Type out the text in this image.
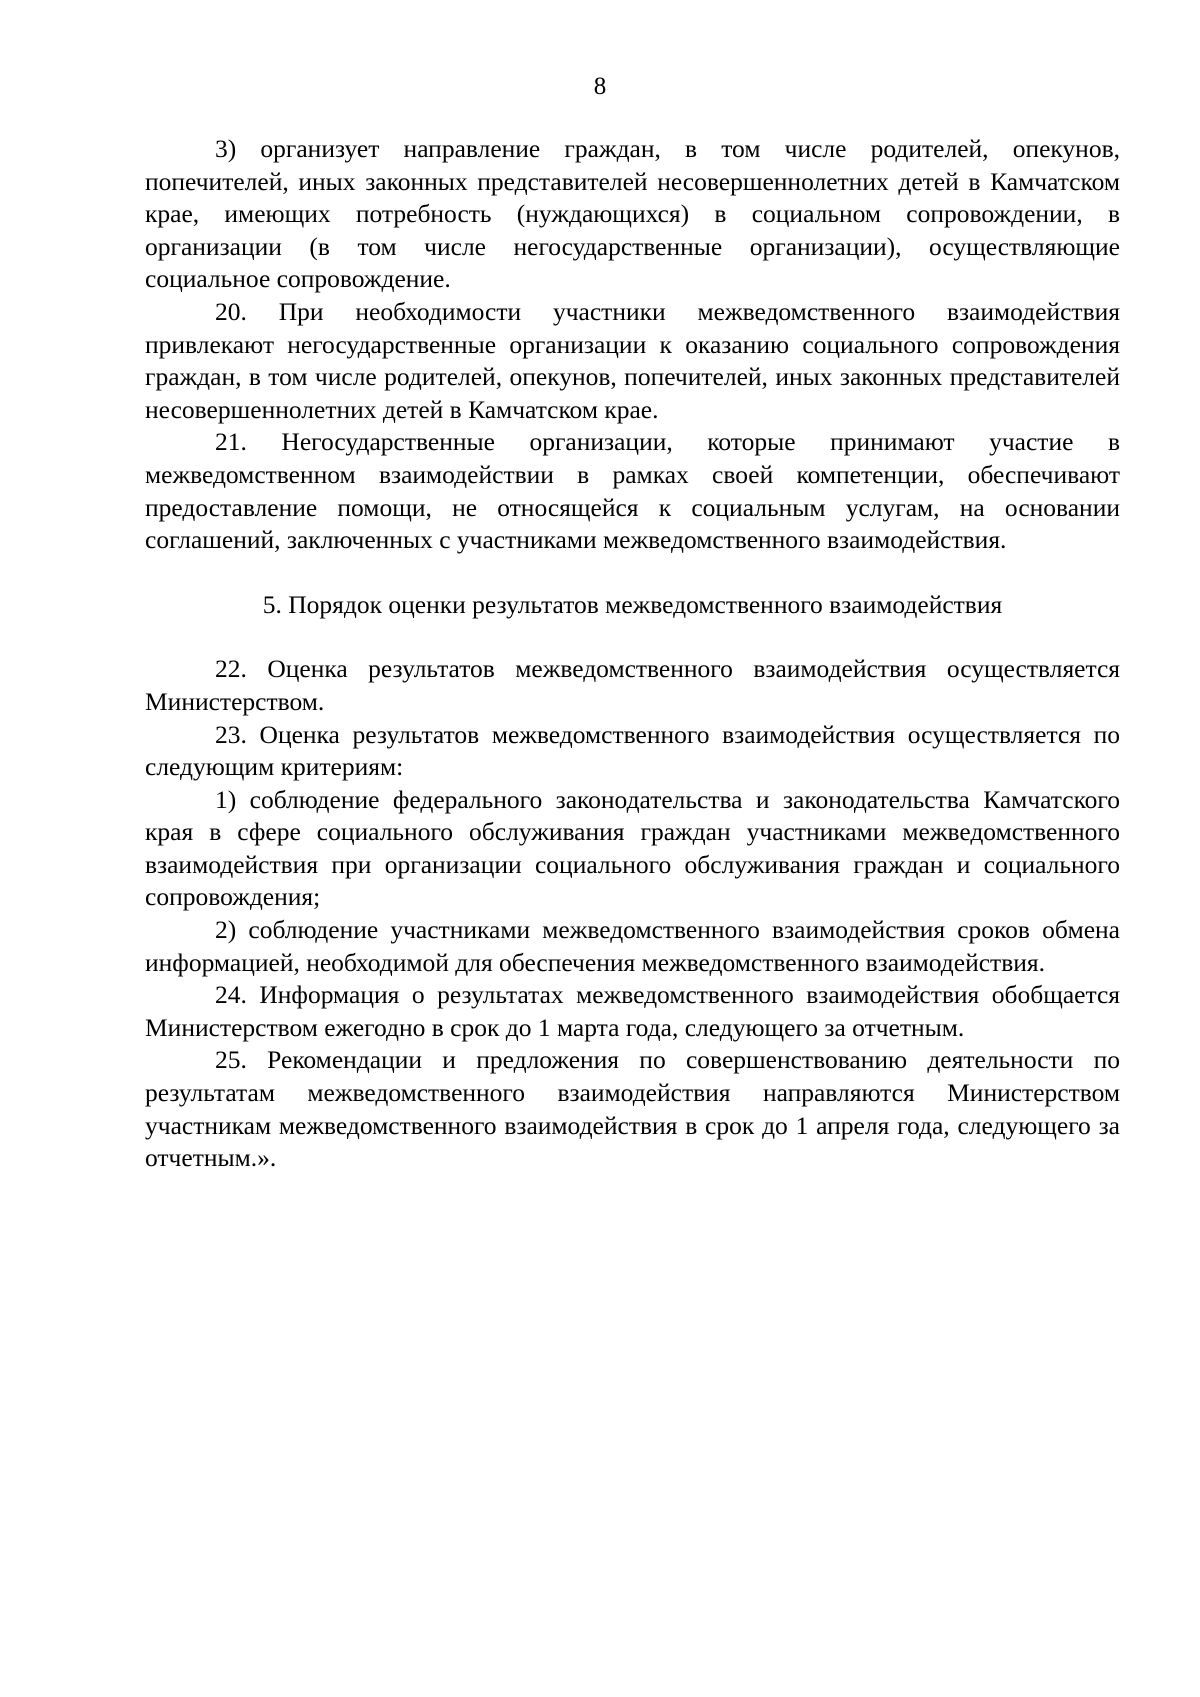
8

3) организует направление граждан, в том числе родителей, опекунов, попечителей, иных законных представителей несовершеннолетних детей в Камчатском крае, имеющих потребность (нуждающихся) в социальном сопровождении, в организации (в том числе негосударственные организации), осуществляющие социальное сопровождение.

20. При необходимости участники межведомственного взаимодействия привлекают негосударственные организации к оказанию социального сопровождения граждан, в том числе родителей, опекунов, попечителей, иных законных представителей несовершеннолетних детей в Камчатском крае.

21. Негосударственные организации, которые принимают участие в межведомственном взаимодействии в рамках своей компетенции, обеспечивают предоставление помощи, не относящейся к социальным услугам, на основании соглашений, заключенных с участниками межведомственного взаимодействия.

5. Порядок оценки результатов межведомственного взаимодействия

22. Оценка результатов межведомственного взаимодействия осуществляется Министерством.

23. Оценка результатов межведомственного взаимодействия осуществляется по следующим критериям:

1) соблюдение федерального законодательства и законодательства Камчатского края в сфере социального обслуживания граждан участниками межведомственного взаимодействия при организации социального обслуживания граждан и социального сопровождения;

2) соблюдение участниками межведомственного взаимодействия сроков обмена информацией, необходимой для обеспечения межведомственного взаимодействия.

24. Информация о результатах межведомственного взаимодействия обобщается Министерством ежегодно в срок до 1 марта года, следующего за отчетным.

25. Рекомендации и предложения по совершенствованию деятельности по результатам межведомственного взаимодействия направляются Министерством участникам межведомственного взаимодействия в срок до 1 апреля года, следующего за отчетным.».
